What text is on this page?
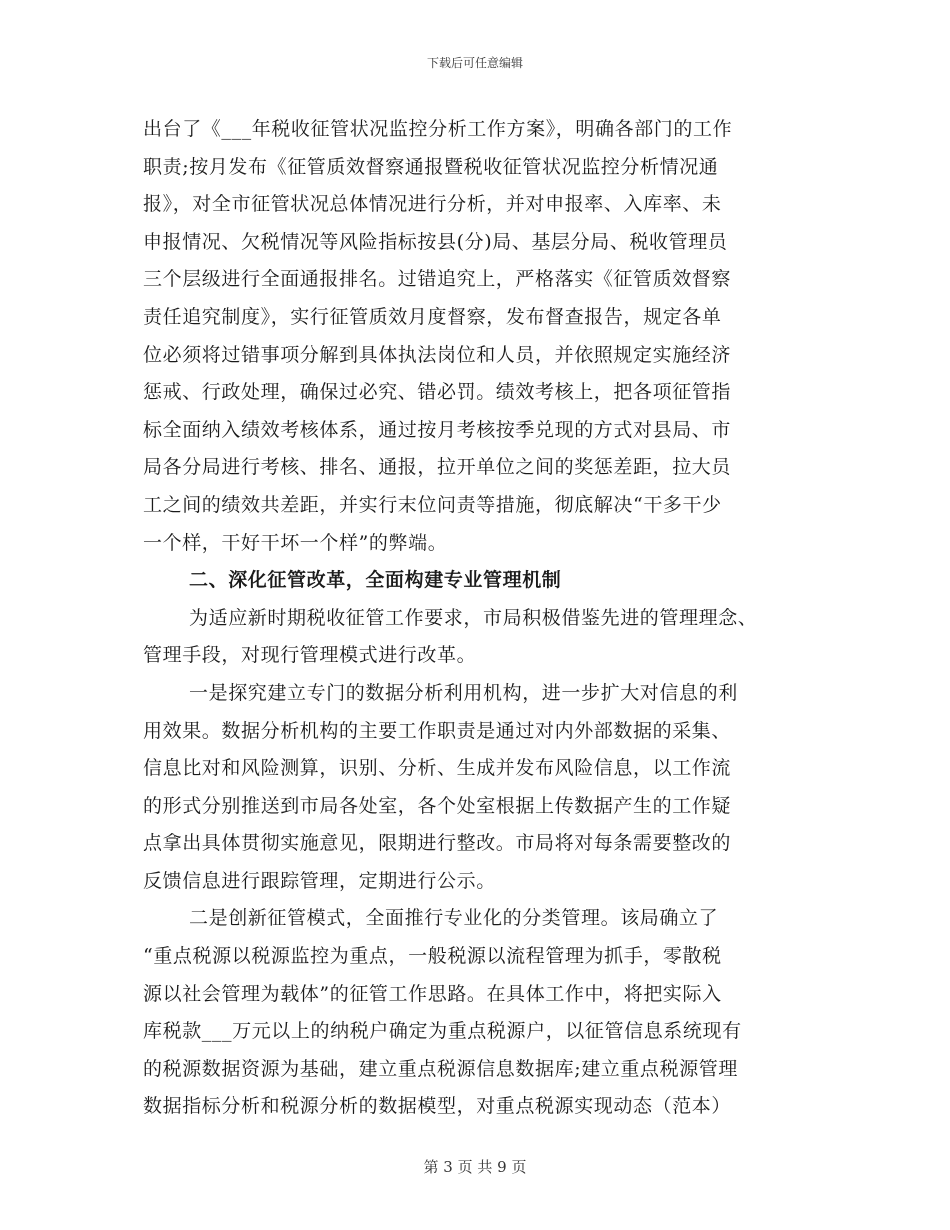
下载后可任意编辑
出台了《___年税收征管状况监控分析工作方案》，明确各部门的工作
职责;按月发布《征管质效督察通报暨税收征管状况监控分析情况通
报》，对全市征管状况总体情况进行分析，并对申报率、入库率、未
申报情况、欠税情况等风险指标按县(分)局、基层分局、税收管理员
三个层级进行全面通报排名。过错追究上，严格落实《征管质效督察
责任追究制度》，实行征管质效月度督察，发布督查报告，规定各单
位必须将过错事项分解到具体执法岗位和人员，并依照规定实施经济
惩戒、行政处理，确保过必究、错必罚。绩效考核上，把各项征管指
标全面纳入绩效考核体系，通过按月考核按季兑现的方式对县局、市
局各分局进行考核、排名、通报，拉开单位之间的奖惩差距，拉大员
工之间的绩效共差距，并实行末位问责等措施，彻底解决“干多干少
一个样，干好干坏一个样”的弊端。
二、深化征管改革，全面构建专业管理机制
为适应新时期税收征管工作要求，市局积极借鉴先进的管理理念、
管理手段，对现行管理模式进行改革。
一是探究建立专门的数据分析利用机构，进一步扩大对信息的利
用效果。数据分析机构的主要工作职责是通过对内外部数据的采集、
信息比对和风险测算，识别、分析、生成并发布风险信息，以工作流
的形式分别推送到市局各处室，各个处室根据上传数据产生的工作疑
点拿出具体贯彻实施意见，限期进行整改。市局将对每条需要整改的
反馈信息进行跟踪管理，定期进行公示。
二是创新征管模式，全面推行专业化的分类管理。该局确立了
“重点税源以税源监控为重点，一般税源以流程管理为抓手，零散税
源以社会管理为载体”的征管工作思路。在具体工作中，将把实际入
库税款___万元以上的纳税户确定为重点税源户，以征管信息系统现有
的税源数据资源为基础，建立重点税源信息数据库;建立重点税源管理
数据指标分析和税源分析的数据模型，对重点税源实现动态（范本）
第 3 页 共 9 页
